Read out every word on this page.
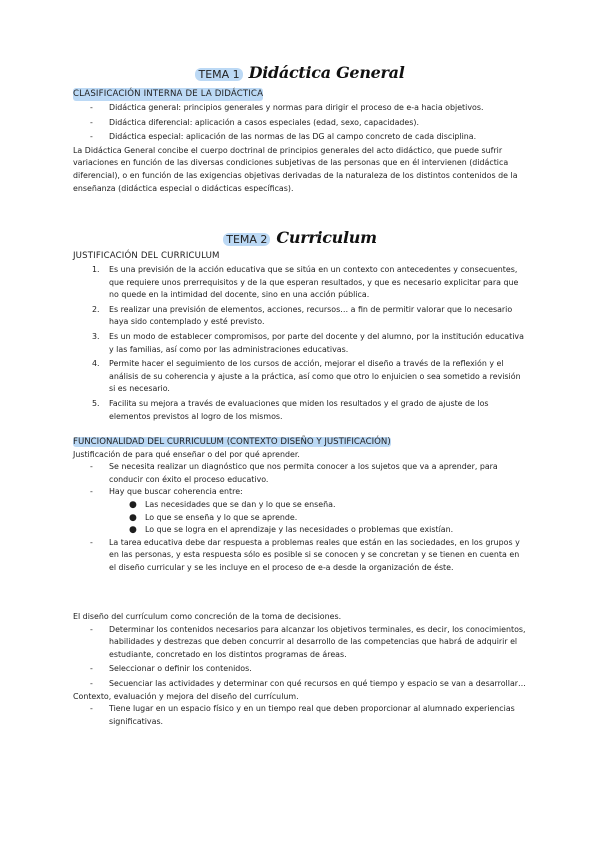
TEMA 1 Didáctica General
CLASIFICACIÓN INTERNA DE LA DIDÁCTICA
- Didáctica general: principios generales y normas para dirigir el proceso de e-a hacia objetivos.
- Didáctica diferencial: aplicación a casos especiales (edad, sexo, capacidades).
- Didáctica especial: aplicación de las normas de las DG al campo concreto de cada disciplina.
La Didáctica General concibe el cuerpo doctrinal de principios generales del acto didáctico, que puede sufrir variaciones en función de las diversas condiciones subjetivas de las personas que en él intervienen (didáctica diferencial), o en función de las exigencias objetivas derivadas de la naturaleza de los distintos contenidos de la enseñanza (didáctica especial o didácticas específicas).
TEMA 2 Curriculum
JUSTIFICACIÓN DEL CURRICULUM
1. Es una previsión de la acción educativa que se sitúa en un contexto con antecedentes y consecuentes, que requiere unos prerrequisitos y de la que esperan resultados, y que es necesario explicitar para que no quede en la intimidad del docente, sino en una acción pública.
2. Es realizar una previsión de elementos, acciones, recursos… a fin de permitir valorar que lo necesario haya sido contemplado y esté previsto.
3. Es un modo de establecer compromisos, por parte del docente y del alumno, por la institución educativa y las familias, así como por las administraciones educativas.
4. Permite hacer el seguimiento de los cursos de acción, mejorar el diseño a través de la reflexión y el análisis de su coherencia y ajuste a la práctica, así como que otro lo enjuicien o sea sometido a revisión si es necesario.
5. Facilita su mejora a través de evaluaciones que miden los resultados y el grado de ajuste de los elementos previstos al logro de los mismos.
FUNCIONALIDAD DEL CURRICULUM (CONTEXTO DISEÑO Y JUSTIFICACIÓN)
Justificación de para qué enseñar o del por qué aprender.
- Se necesita realizar un diagnóstico que nos permita conocer a los sujetos que va a aprender, para conducir con éxito el proceso educativo.
- Hay que buscar coherencia entre:
● Las necesidades que se dan y lo que se enseña.
● Lo que se enseña y lo que se aprende.
● Lo que se logra en el aprendizaje y las necesidades o problemas que existían.
- La tarea educativa debe dar respuesta a problemas reales que están en las sociedades, en los grupos y en las personas, y esta respuesta sólo es posible si se conocen y se concretan y se tienen en cuenta en el diseño curricular y se les incluye en el proceso de e-a desde la organización de éste.
El diseño del currículum como concreción de la toma de decisiones.
- Determinar los contenidos necesarios para alcanzar los objetivos terminales, es decir, los conocimientos, habilidades y destrezas que deben concurrir al desarrollo de las competencias que habrá de adquirir el estudiante, concretado en los distintos programas de áreas.
- Seleccionar o definir los contenidos.
- Secuenciar las actividades y determinar con qué recursos en qué tiempo y espacio se van a desarrollar…
Contexto, evaluación y mejora del diseño del currículum.
- Tiene lugar en un espacio físico y en un tiempo real que deben proporcionar al alumnado experiencias significativas.
